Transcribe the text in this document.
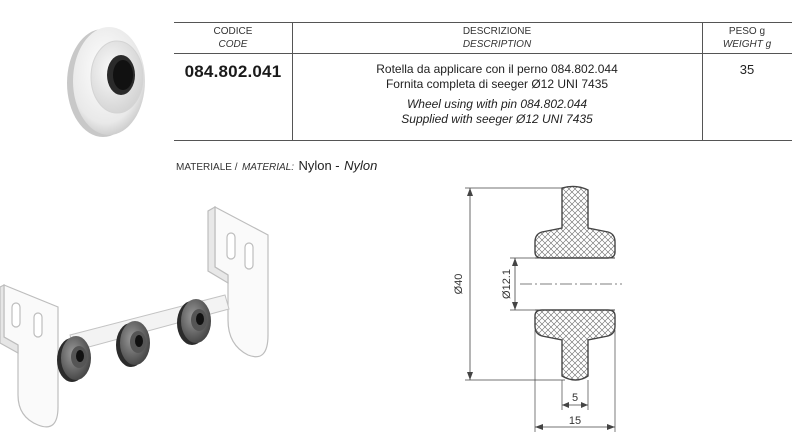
CODICE
CODE
DESCRIZIONE
DESCRIPTION
PESO g
WEIGHT g
084.802.041	Rotella da applicare con il perno 084.802.044
Fornita completa di seeger Ø12 UNI 7435
Wheel using with pin 084.802.044
Supplied with seeger Ø12 UNI 7435
35
MATERIALE / MATERIAL: Nylon - Nylon
Ø40	Ø12.1
5
15
